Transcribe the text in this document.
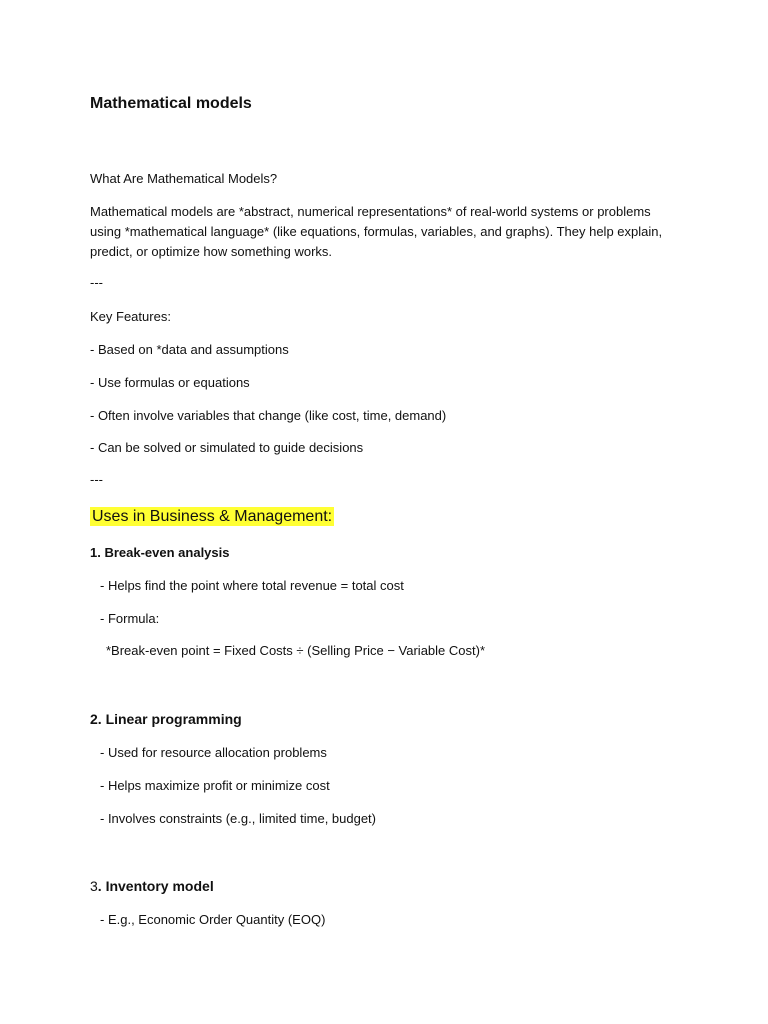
Mathematical models
What Are Mathematical Models?
Mathematical models are *abstract, numerical representations* of real-world systems or problems using *mathematical language* (like equations, formulas, variables, and graphs). They help explain, predict, or optimize how something works.
---
Key Features:
- Based on *data and assumptions
- Use formulas or equations
- Often involve variables that change (like cost, time, demand)
- Can be solved or simulated to guide decisions
---
Uses in Business & Management:
1. Break-even analysis
- Helps find the point where total revenue = total cost
- Formula:
*Break-even point = Fixed Costs ÷ (Selling Price − Variable Cost)*
2. Linear programming
- Used for resource allocation problems
- Helps maximize profit or minimize cost
- Involves constraints (e.g., limited time, budget)
3. Inventory model
- E.g., Economic Order Quantity (EOQ)
